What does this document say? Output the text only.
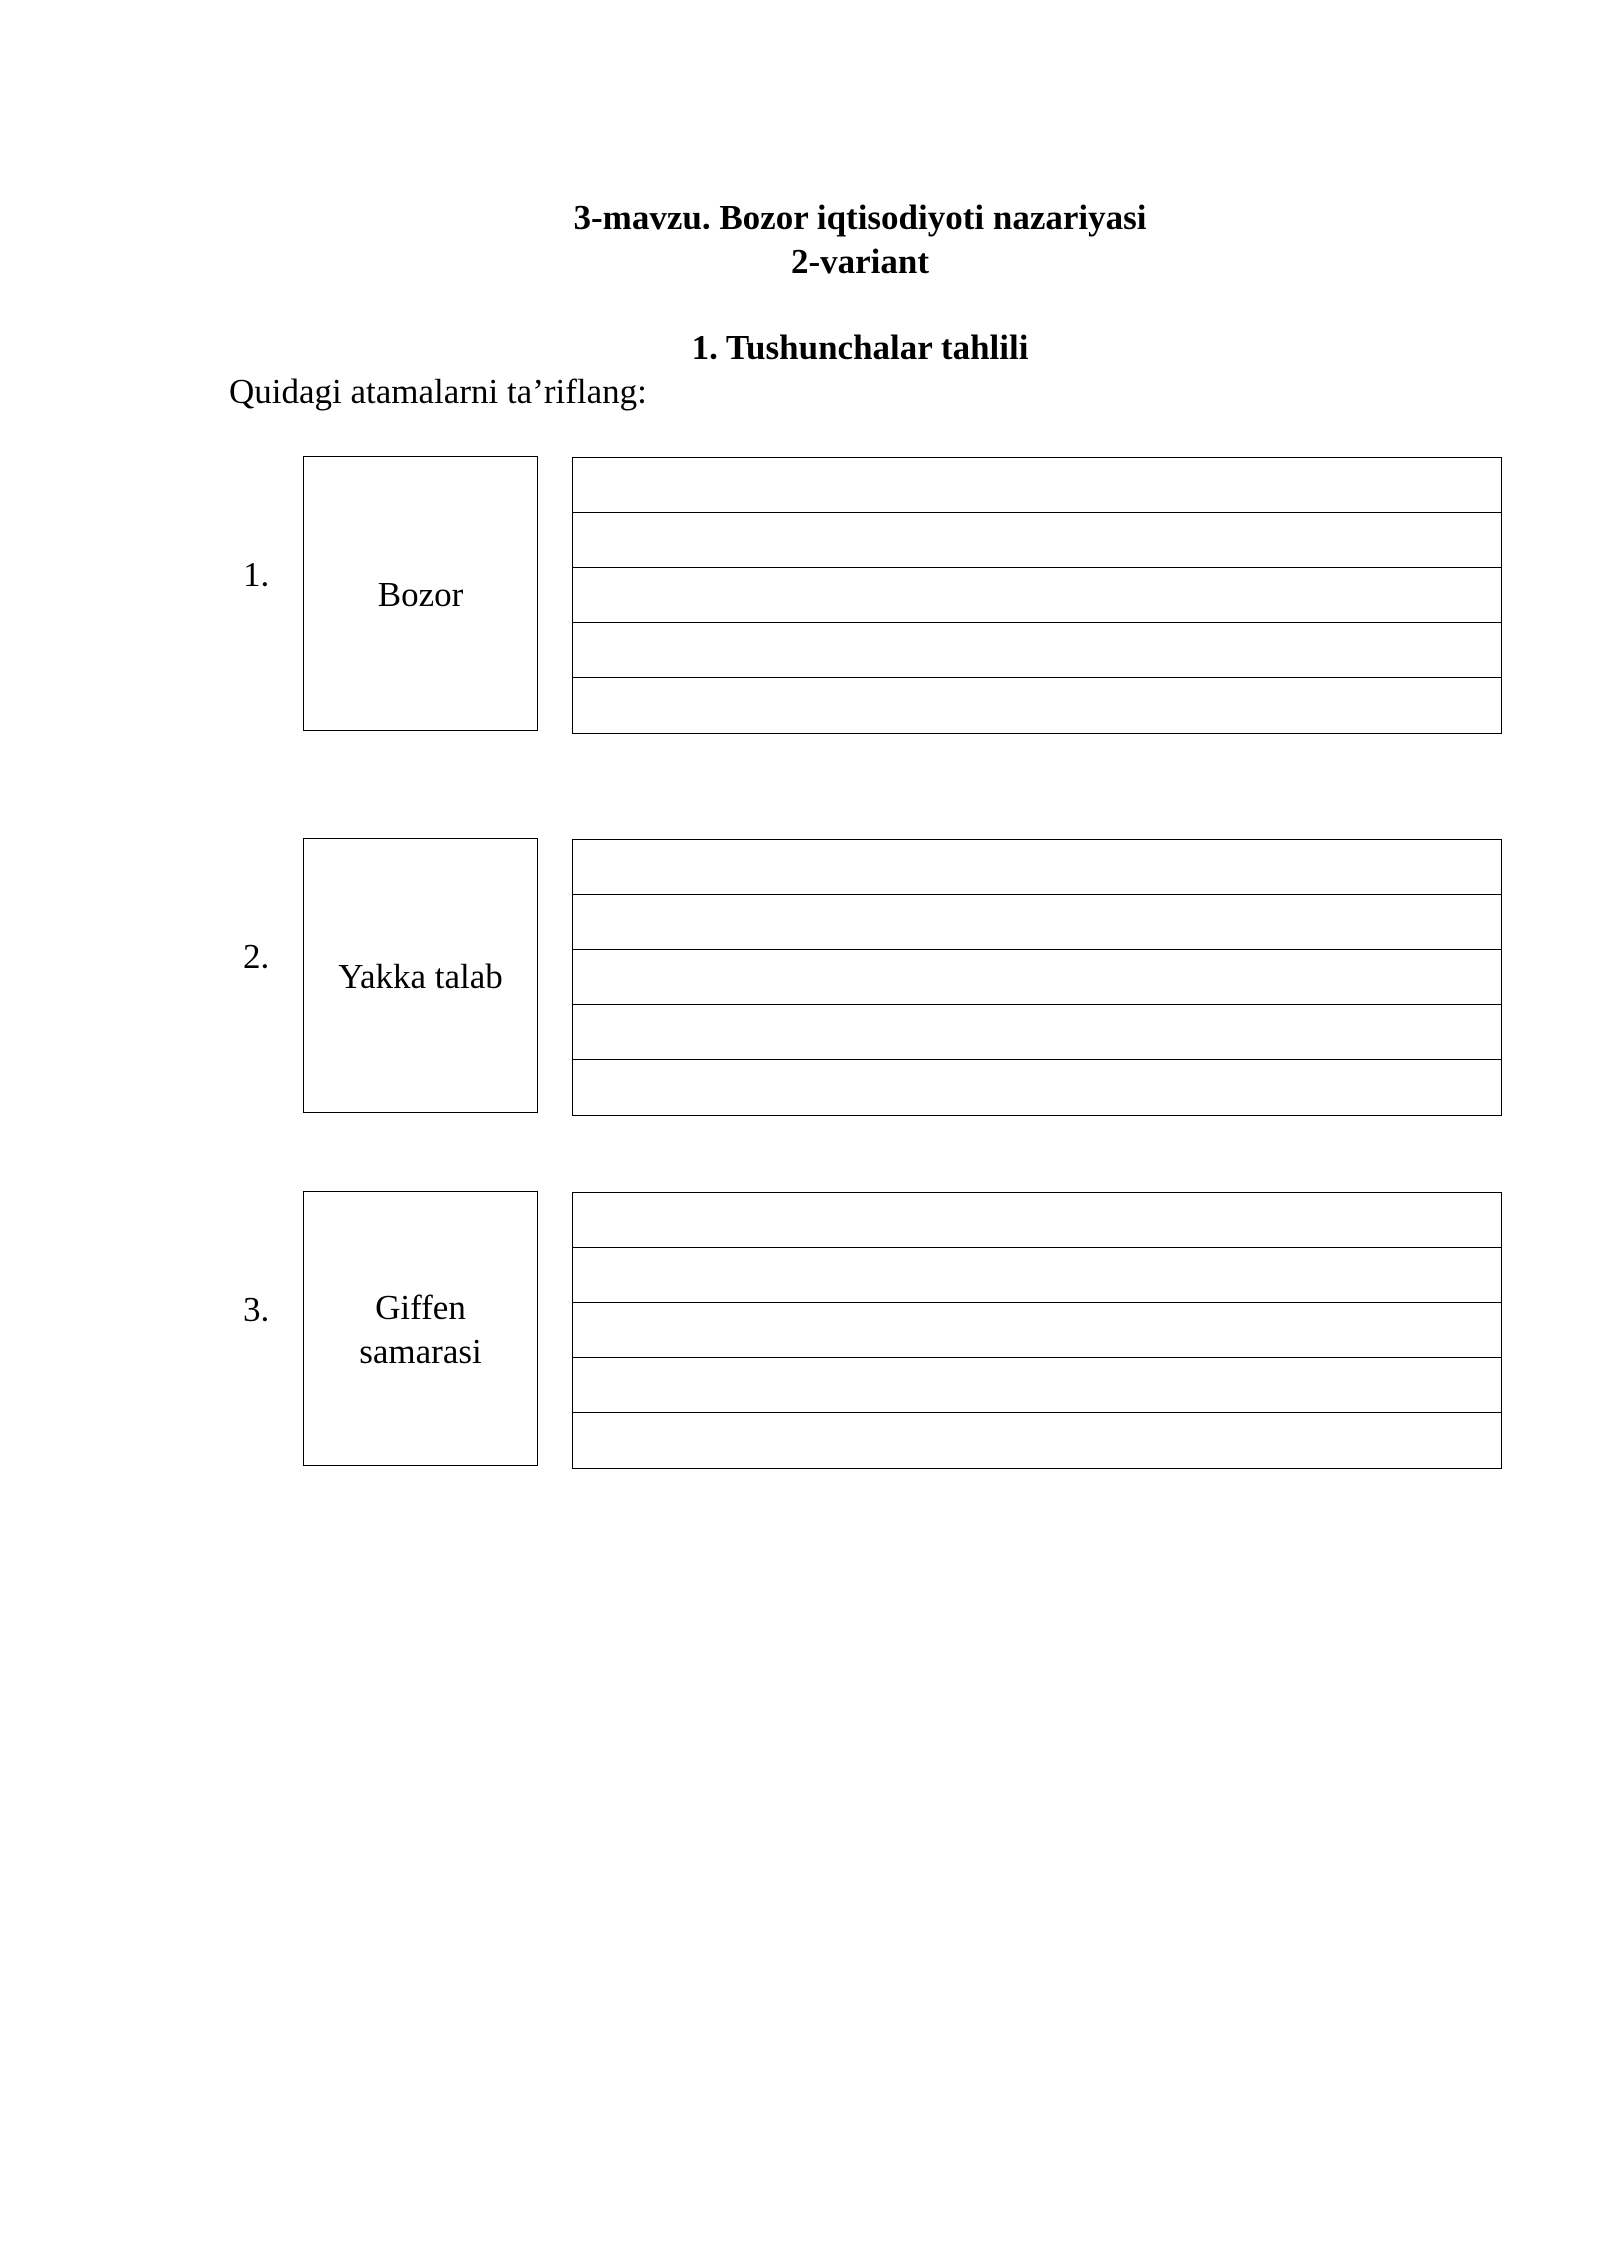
3-mavzu. Bozor iqtisodiyoti nazariyasi
2-variant
1. Tushunchalar tahlili
Quidagi atamalarni ta’riflang:
1.	Bozor
2. Yakka talab
3.	Giffen
samarasi
